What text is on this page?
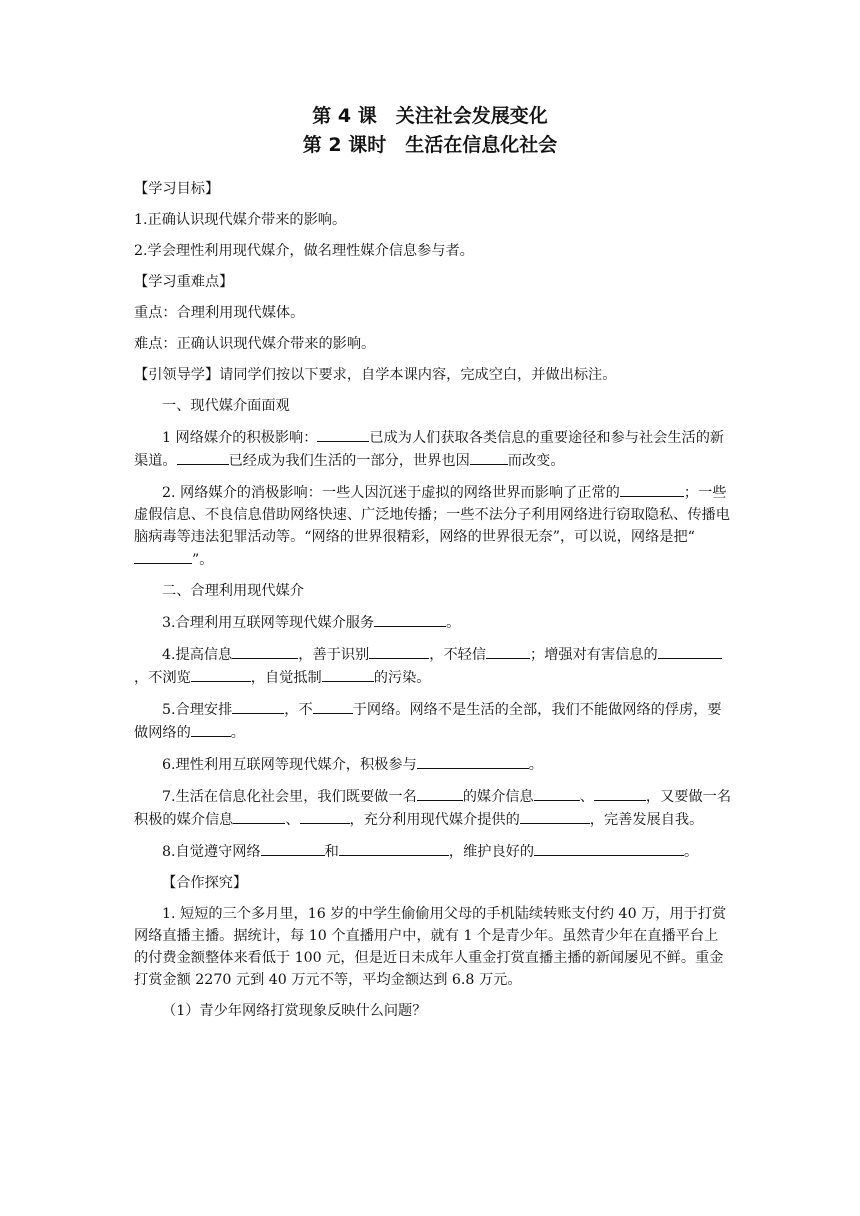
第 4 课　关注社会发展变化
第 2 课时　生活在信息化社会

【学习目标】

1.正确认识现代媒介带来的影响。

2.学会理性利用现代媒介，做名理性媒介信息参与者。

【学习重难点】

重点：合理利用现代媒体。

难点：正确认识现代媒介带来的影响。

【引领导学】请同学们按以下要求，自学本课内容，完成空白，并做出标注。

一、现代媒介面面观

1 网络媒介的积极影响：	已成为人们获取各类信息的重要途径和参与社会生活的新渠道。	已经成为我们生活的一部分，世界也因	而改变。

2. 网络媒介的消极影响：一些人因沉迷于虚拟的网络世界而影响了正常的	；一些虚假信息、不良信息借助网络快速、广泛地传播；一些不法分子利用网络进行窃取隐私、传播电脑病毒等违法犯罪活动等。“网络的世界很精彩，网络的世界很无奈”，可以说，网络是把“”。

二、合理利用现代媒介

3.合理利用互联网等现代媒介服务	。

4.提高信息	，善于识别	，不轻信	；增强对有害信息的，不浏览	，自觉抵制	的污染。

5.合理安排	，不	于网络。网络不是生活的全部，我们不能做网络的俘虏，要做网络的	。

6.理性利用互联网等现代媒介，积极参与	。

7.生活在信息化社会里，我们既要做一名	的媒介信息	、	，又要做一名积极的媒介信息	、	，充分利用现代媒介提供的	，完善发展自我。

8.自觉遵守网络	和	，维护良好的	。

【合作探究】

1. 短短的三个多月里，16 岁的中学生偷偷用父母的手机陆续转账支付约 40 万，用于打赏网络直播主播。据统计，每 10 个直播用户中，就有 1 个是青少年。虽然青少年在直播平台上的付费金额整体来看低于 100 元，但是近日未成年人重金打赏直播主播的新闻屡见不鲜。重金打赏金额 2270 元到 40 万元不等，平均金额达到 6.8 万元。

（1）青少年网络打赏现象反映什么问题？
